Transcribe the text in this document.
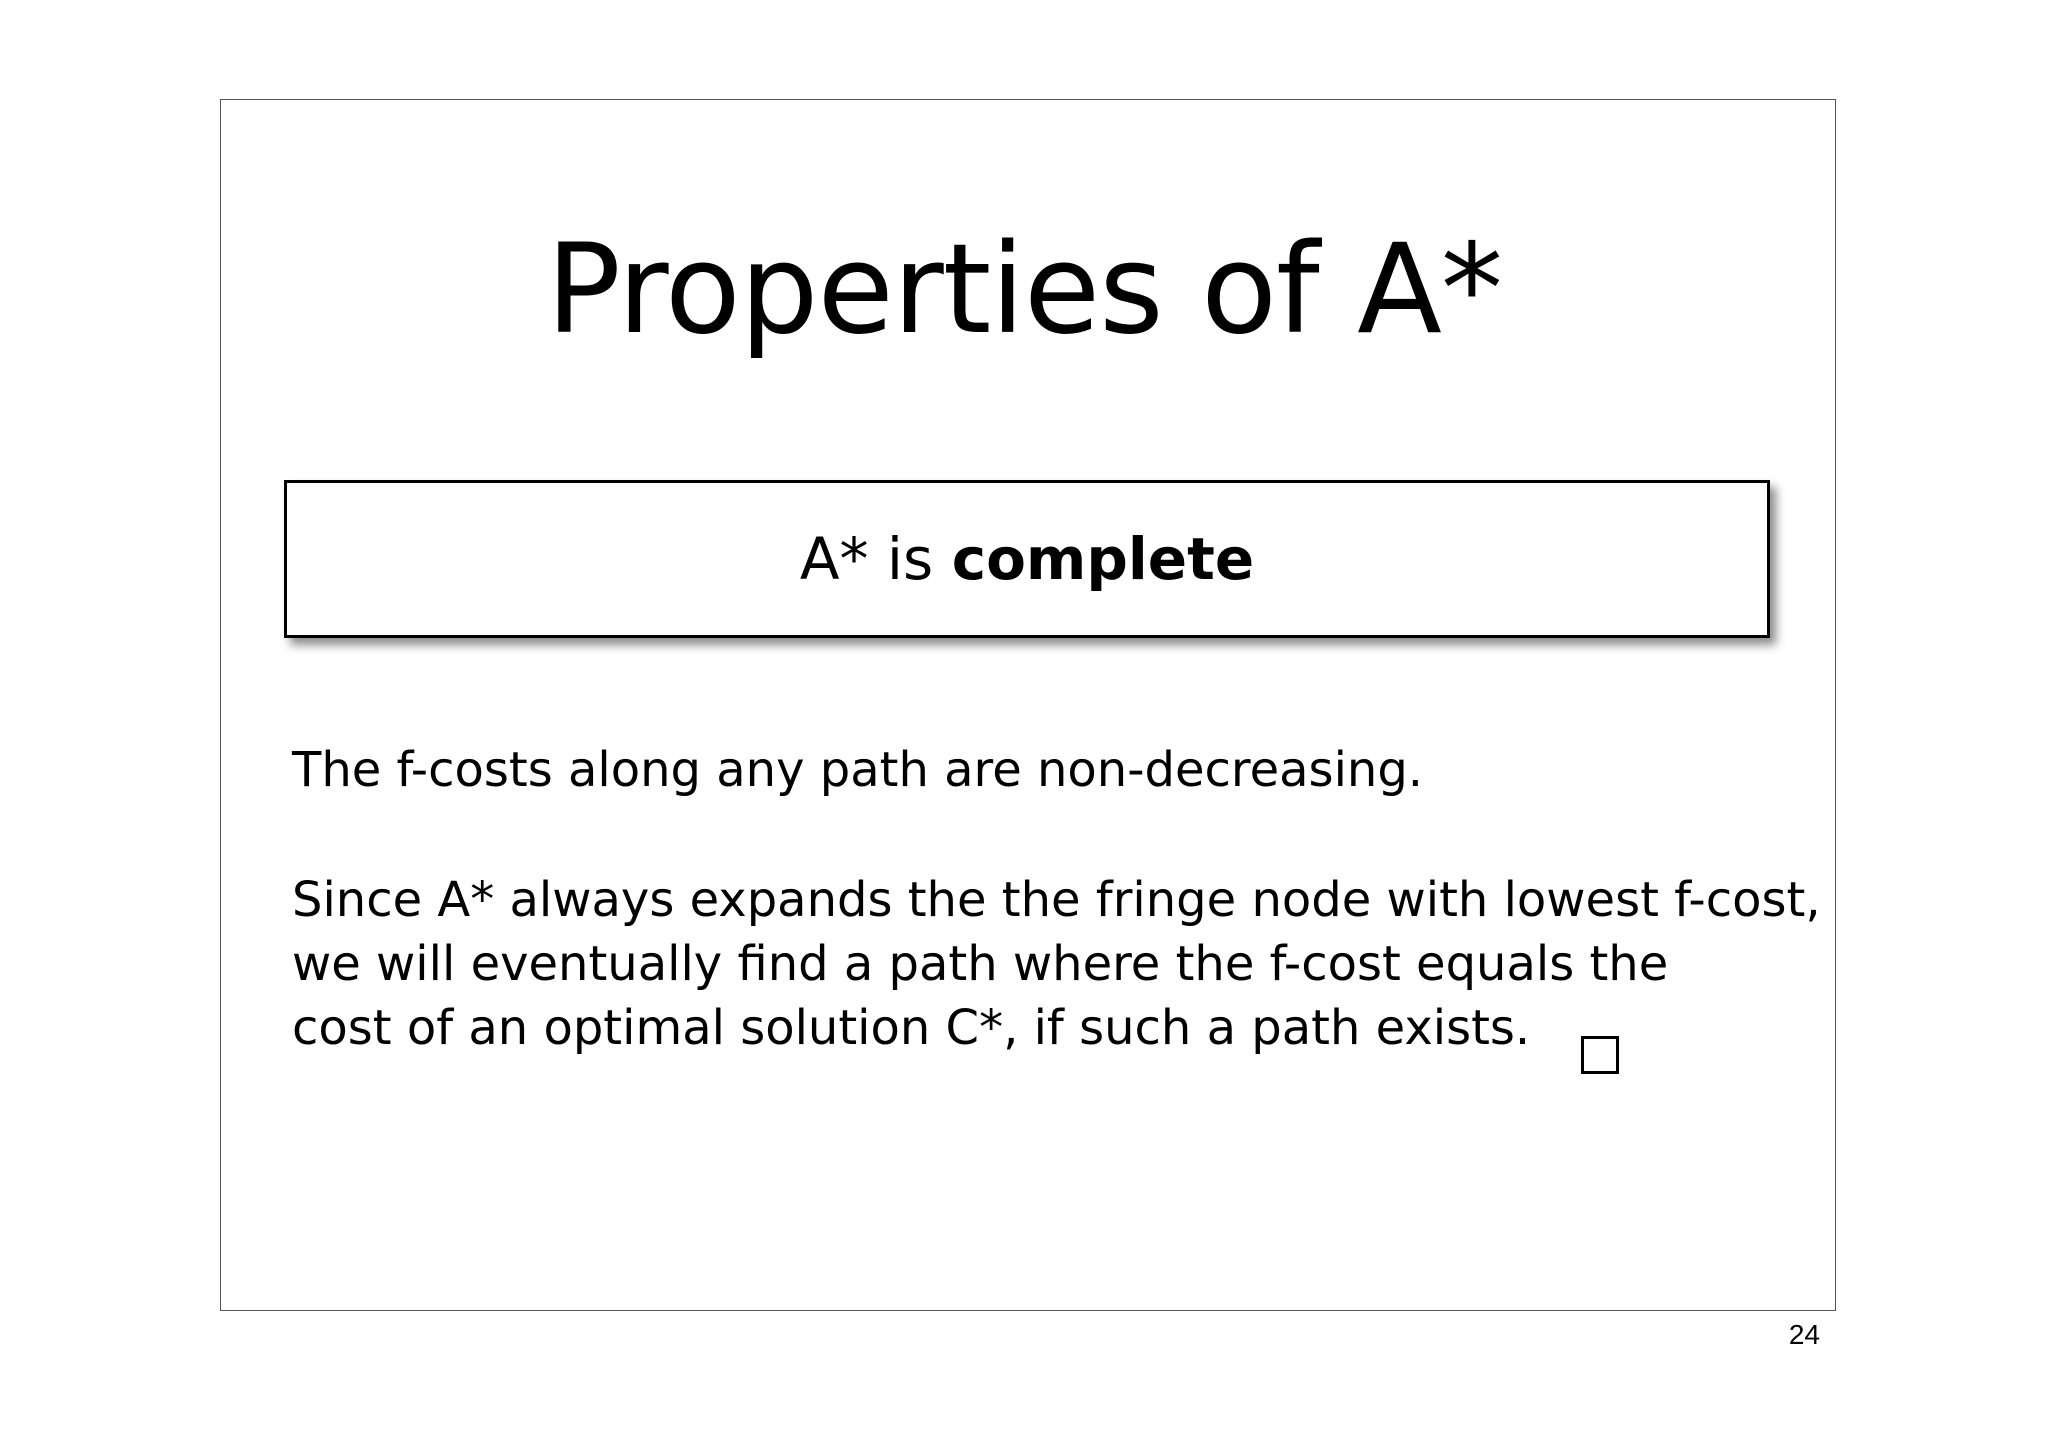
Properties of A*
A* is complete

The f-costs along any path are non-decreasing.

Since A* always expands the the fringe node with lowest f-cost,
we will eventually find a path where the f-cost equals the
cost of an optimal solution C*, if such a path exists.

24
